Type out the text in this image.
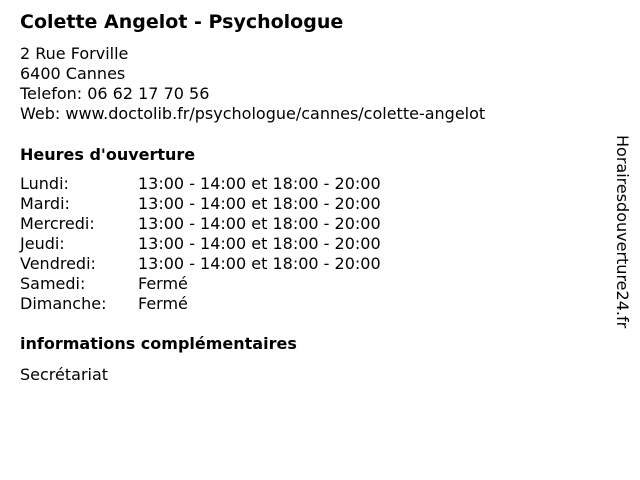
Colette Angelot - Psychologue
2 Rue Forville
6400 Cannes
Telefon: 06 62 17 70 56
Web: www.doctolib.fr/psychologue/cannes/colette-angelot
Heures d'ouverture
Lundi:	13:00 - 14:00 et 18:00 - 20:00
Mardi:	13:00 - 14:00 et 18:00 - 20:00
Mercredi:	13:00 - 14:00 et 18:00 - 20:00
Jeudi:	13:00 - 14:00 et 18:00 - 20:00
Vendredi:	13:00 - 14:00 et 18:00 - 20:00
Samedi:	Fermé
Dimanche:	Fermé
informations complémentaires
Secrétariat
Horairesdouverture24.fr
